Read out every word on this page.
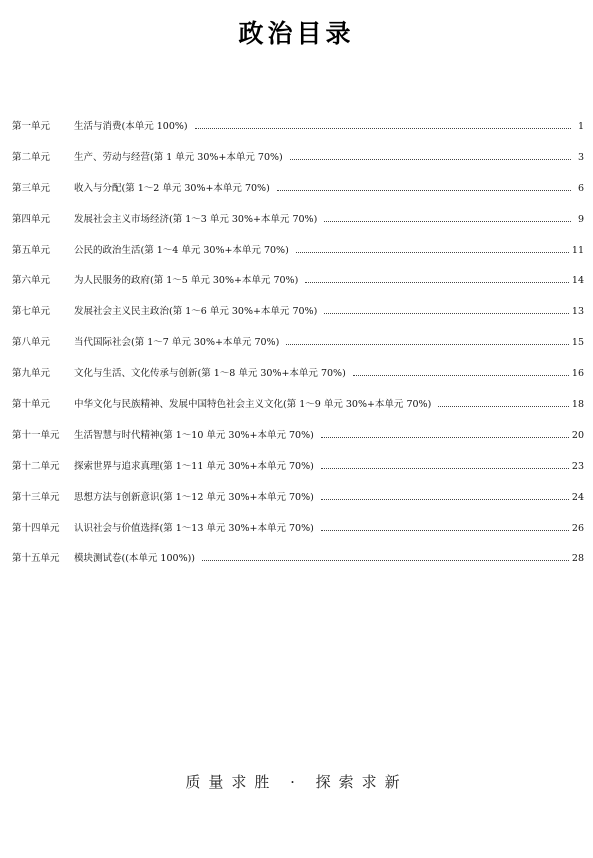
政治目录
第一单元	生活与消费(本单元 100%)	1
第二单元	生产、劳动与经营(第 1 单元 30%+本单元 70%)	3
第三单元	收入与分配(第 1～2 单元 30%+本单元 70%)	6
第四单元	发展社会主义市场经济(第 1～3 单元 30%+本单元 70%)	9
第五单元	公民的政治生活(第 1～4 单元 30%+本单元 70%)	11
第六单元	为人民服务的政府(第 1～5 单元 30%+本单元 70%)	14
第七单元	发展社会主义民主政治(第 1～6 单元 30%+本单元 70%)	13
第八单元	当代国际社会(第 1～7 单元 30%+本单元 70%)	15
第九单元	文化与生活、文化传承与创新(第 1～8 单元 30%+本单元 70%)	16
第十单元	中华文化与民族精神、发展中国特色社会主义文化(第 1～9 单元 30%+本单元 70%)	18
第十一单元	生活智慧与时代精神(第 1～10 单元 30%+本单元 70%)	20
第十二单元	探索世界与追求真理(第 1～11 单元 30%+本单元 70%)	23
第十三单元	思想方法与创新意识(第 1～12 单元 30%+本单元 70%)	24
第十四单元	认识社会与价值选择(第 1～13 单元 30%+本单元 70%)	26
第十五单元	模块测试卷((本单元 100%))	28
质量求胜 · 探索求新
